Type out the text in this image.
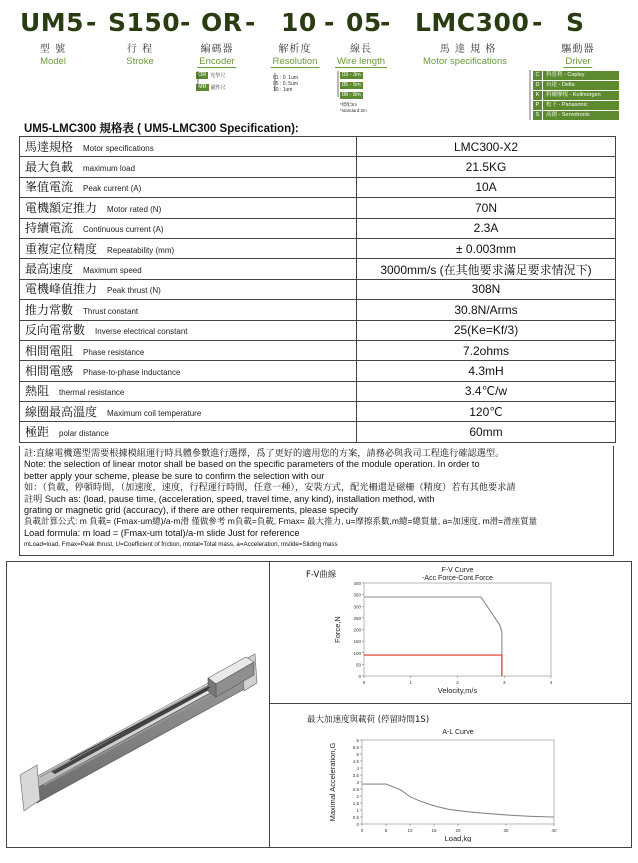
UM5 - S150 - OR - 10 - 05
- LMC300 - S
型 號
Model
行 程
Stroke
編碼器
Encoder
解析度
Resolution
線長
Wire length
馬 達 規 格
Motor specifications
驅動器
Driver
OR 光學尺
MR 磁性尺
01 : 0. 1um
05 : 0. 5um
10 : 1um
03 - 3m
05 - 5m
08 - 8m
*標配3m
*standard:3m
C	科普利 - Copley
D	台達 - Delta
K	科爾摩根 - Kollmorgen
P	松下 - Panasonic
S	高創 - Servotronix
UM5-LMC300 規格表 ( UM5-LMC300 Specification):
馬達規格 Motor specifications	LMC300-X2
最大負載 maximum load	21.5KG
峯值電流 Peak current (A)	10A
電機額定推力 Motor rated (N)	70N
持續電流 Continuous current (A)	2.3A
重複定位精度 Repeatability (mm)	± 0.003mm
最高速度 Maximum speed	3000mm/s (在其他要求滿足要求情況下)
電機峰值推力 Peak thrust (N)	308N
推力常數 Thrust constant	30.8N/Arms
反向電常數 Inverse electrical constant	25(Ke=Kf/3)
相間電阻 Phase resistance	7.2ohms
相間電感 Phase-to-phase inductance	4.3mH
熱阻 thermal resistance	3.4℃/w
線圈最高溫度 Maximum coil temperature	120℃
極距 polar distance	60mm
註:直線電機選型需要根據模組運行時具體參數進行選擇，爲了更好的適用您的方案，請務必與我司工程進行確認選型。
Note: the selection of linear motor shall be based on the specific parameters of the module operation. In order to
better apply your scheme, please be sure to confirm the selection with our
如：（負載，停頓時間，（加速度，速度，行程運行時間，任意一種），安裝方式，配光柵還是磁柵（精度）若有其他要求請
註明 Such as: (load, pause time, (acceleration, speed, travel time, any kind), installation method, with
grating or magnetic grid (accuracy), if there are other requirements, please specify
負載計算公式: m 負載= (Fmax-um總)/a-m滑 僅做參考 m負載=負載, Fmax= 最大推力, u=摩擦系數,m總=總質量, a=加速度, m滑=滑座質量
Load formula: m load = (Fmax-um total)/a-m slide Just for reference
mLoad=load, Fmax=Peak thrust, U=Coefficient of friction, mtotal=Total mass, a=Acceleration, mslide=Sliding mass
F-V曲線	F-V Curve
-Acc Force-Cont.Force
0
50
100
150
200
250
300
350
400
0	1	2	3	4
Velocity,m/s
Force,N
最大加速度與載荷 (停留時間1S)
A-L Curve
0
0.5
1
1.5
2
2.5
3
3.5
4
4.5
5
5.5
6
0	5	10	15	20	30	40
Load,kg
Maximal Acceleration,G
